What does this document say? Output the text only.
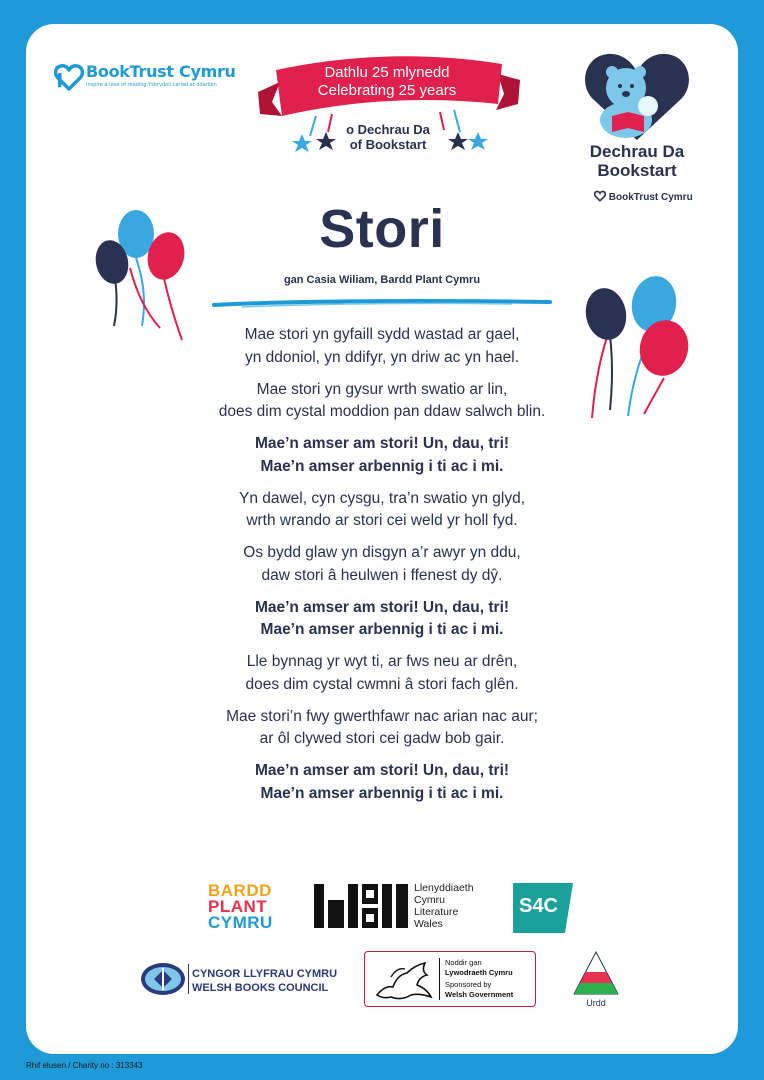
BookTrust Cymru
Inspire a love of reading Ysbrydoli cariad at ddarllen
Dathlu 25 mlynedd
Celebrating 25 years
o Dechrau Da
of Bookstart	Dechrau Da
Bookstart
BookTrust Cymru
Stori
gan Casia Wiliam, Bardd Plant Cymru
Mae stori yn gyfaill sydd wastad ar gael,
yn ddoniol, yn ddifyr, yn driw ac yn hael.
Mae stori yn gysur wrth swatio ar lin,
does dim cystal moddion pan ddaw salwch blin.
Mae’n amser am stori! Un, dau, tri!
Mae’n amser arbennig i ti ac i mi.
Yn dawel, cyn cysgu, tra’n swatio yn glyd,
wrth wrando ar stori cei weld yr holl fyd.
Os bydd glaw yn disgyn a’r awyr yn ddu,
daw stori â heulwen i ffenest dy dŷ.
Mae’n amser am stori! Un, dau, tri!
Mae’n amser arbennig i ti ac i mi.
Lle bynnag yr wyt ti, ar fws neu ar drên,
does dim cystal cwmni â stori fach glên.
Mae stori’n fwy gwerthfawr nac arian nac aur;
ar ôl clywed stori cei gadw bob gair.
Mae’n amser am stori! Un, dau, tri!
Mae’n amser arbennig i ti ac i mi.
BARDD
PLANT
CYMRU
Llenyddiaeth
Cymru
Literature
Wales
S4C
CYNGOR LLYFRAU CYMRU
WELSH BOOKS COUNCIL
Noddir gan
Lywodraeth Cymru
Sponsored by
Welsh Government
Urdd
Rhif elusen / Charity no : 313343
